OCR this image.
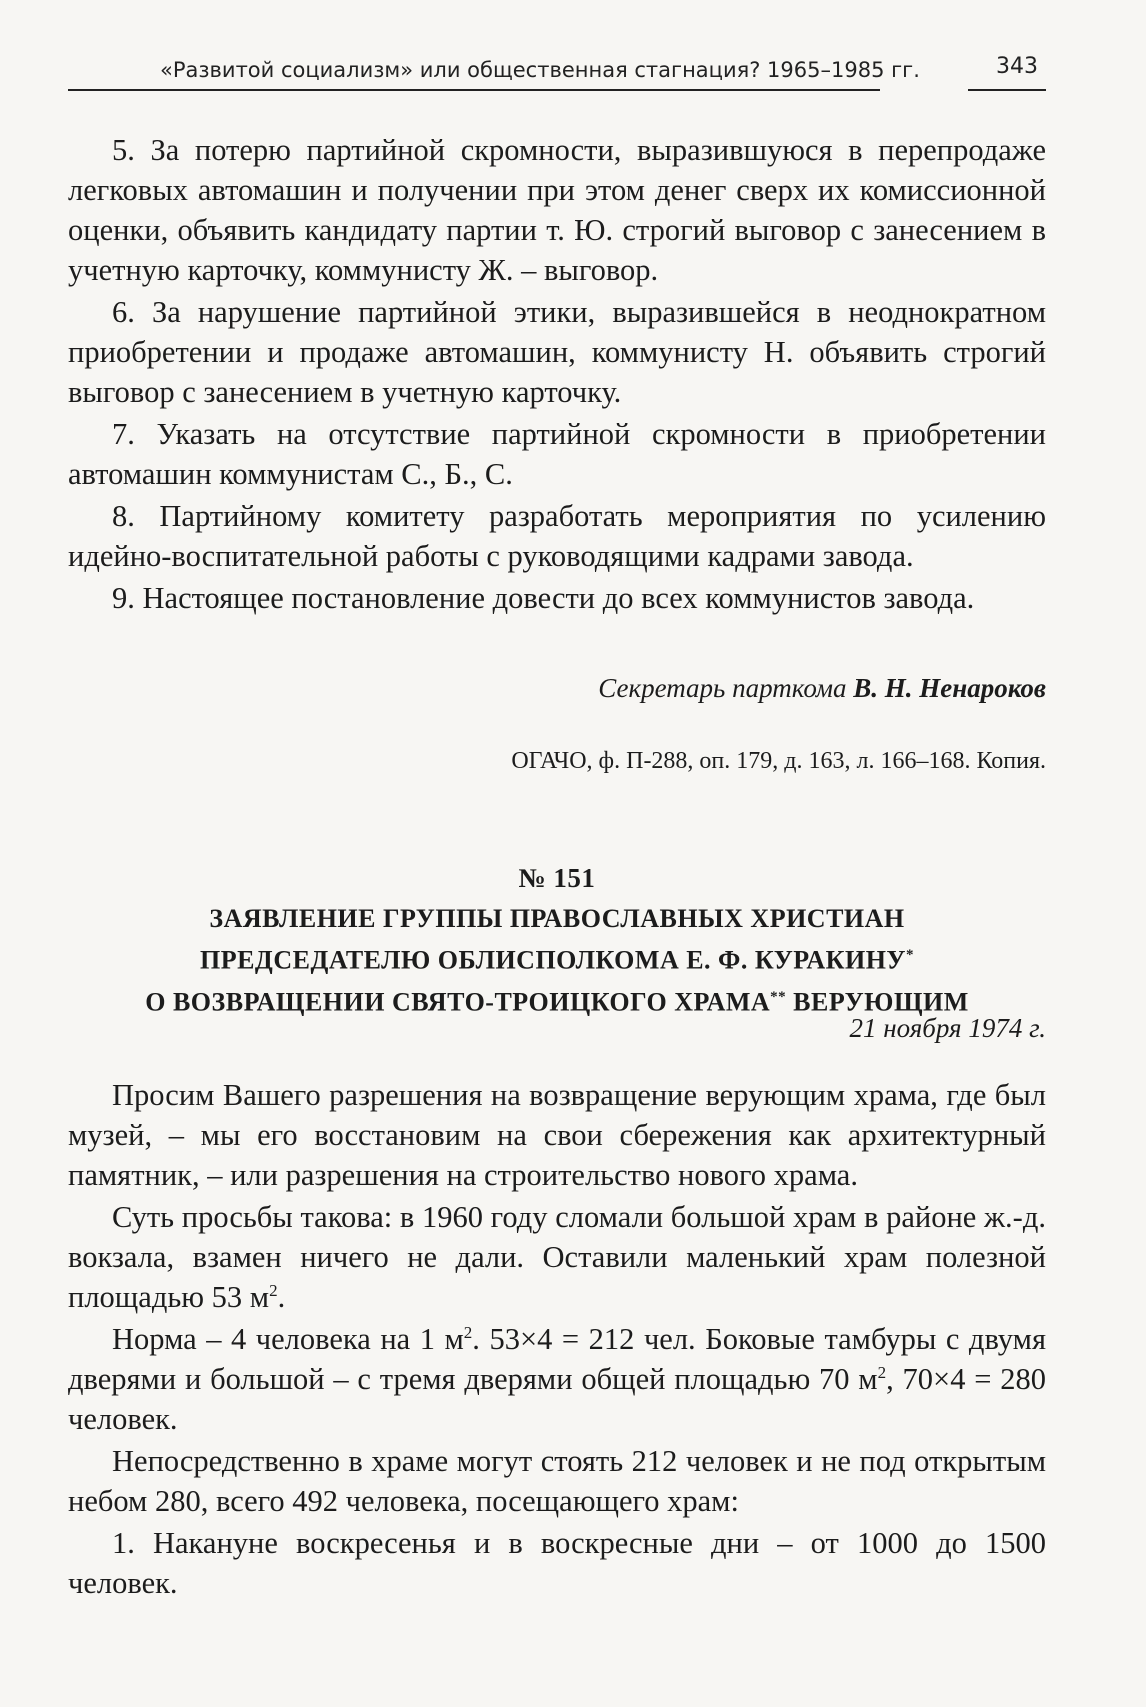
«Развитой социализм» или общественная стагнация? 1965–1985 гг.	343

5. За потерю партийной скромности, выразившуюся в перепродаже легковых автомашин и получении при этом денег сверх их комиссионной оценки, объявить кандидату партии т. Ю. строгий выговор с занесением в учетную карточку, коммунисту Ж. – выговор.

6. За нарушение партийной этики, выразившейся в неоднократном приобретении и продаже автомашин, коммунисту Н. объявить строгий выговор с занесением в учетную карточку.

7. Указать на отсутствие партийной скромности в приобретении автомашин коммунистам С., Б., С.

8. Партийному комитету разработать мероприятия по усилению идейно-воспитательной работы с руководящими кадрами завода.

9. Настоящее постановление довести до всех коммунистов завода.

Секретарь парткома В. Н. Ненароков
ОГАЧО, ф. П-288, оп. 179, д. 163, л. 166–168. Копия.
№ 151
ЗАЯВЛЕНИЕ ГРУППЫ ПРАВОСЛАВНЫХ ХРИСТИАН
ПРЕДСЕДАТЕЛЮ ОБЛИСПОЛКОМА Е. Ф. КУРАКИНУ*
О ВОЗВРАЩЕНИИ СВЯТО-ТРОИЦКОГО ХРАМА** ВЕРУЮЩИМ
21 ноября 1974 г.

Просим Вашего разрешения на возвращение верующим храма, где был музей, – мы его восстановим на свои сбережения как архитектурный памятник, – или разрешения на строительство нового храма.

Суть просьбы такова: в 1960 году сломали большой храм в районе ж.-д. вокзала, взамен ничего не дали. Оставили маленький храм полезной площадью 53 $м^2$.

Норма – 4 человека на 1 $м^2$. 53×4 = 212 чел. Боковые тамбуры с двумя дверями и большой – с тремя дверями общей площадью 70 $м^2$, 70×4 = 280 человек.

Непосредственно в храме могут стоять 212 человек и не под открытым небом 280, всего 492 человека, посещающего храм:

1. Накануне воскресенья и в воскресные дни – от 1000 до 1500 человек.
